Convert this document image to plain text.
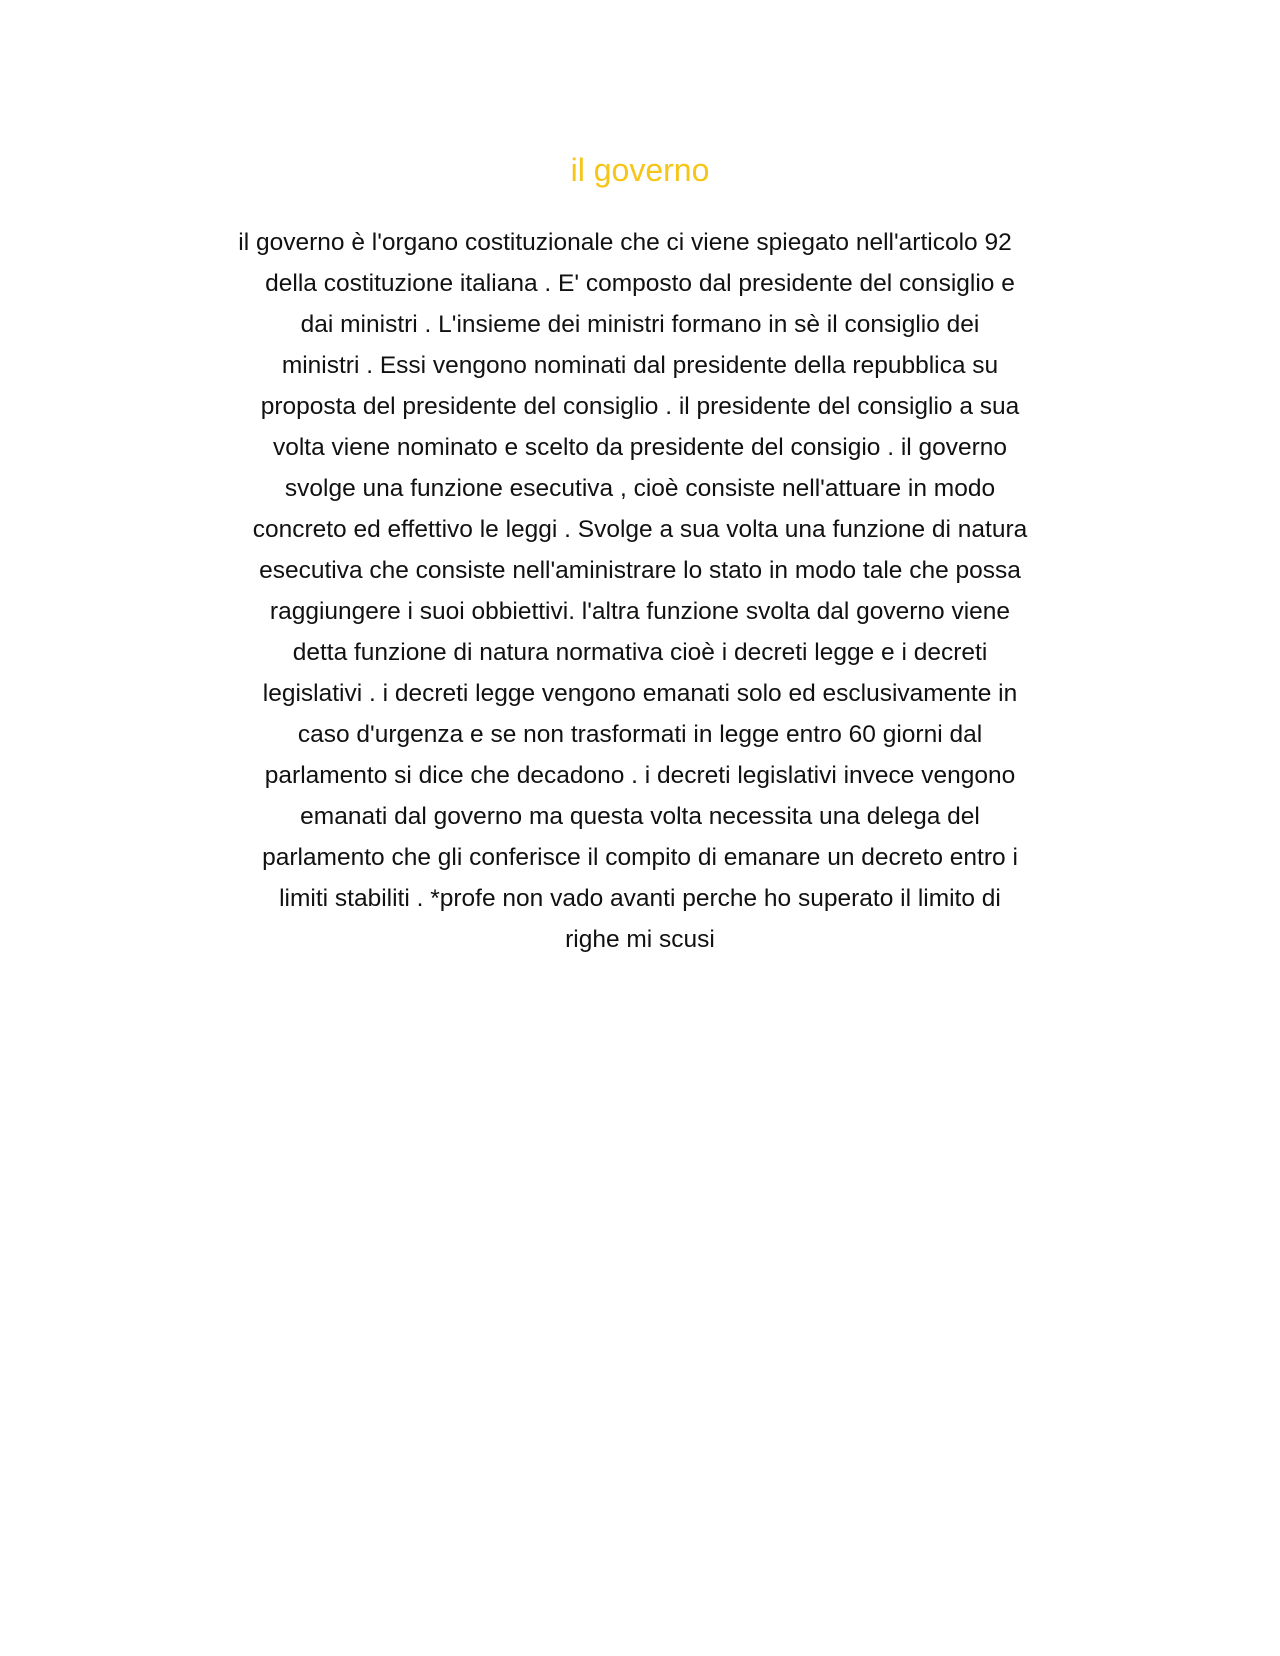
il governo
il governo è l'organo costituzionale che ci viene spiegato nell'articolo 92
della costituzione italiana . E' composto dal presidente del consiglio e
dai ministri . L'insieme dei ministri formano in sè il consiglio dei
ministri . Essi vengono nominati dal presidente della repubblica su
proposta del presidente del consiglio . il presidente del consiglio a sua
volta viene nominato e scelto da presidente del consigio . il governo
svolge una funzione esecutiva , cioè consiste nell'attuare in modo
concreto ed effettivo le leggi . Svolge a sua volta una funzione di natura
esecutiva che consiste nell'aministrare lo stato in modo tale che possa
raggiungere i suoi obbiettivi. l'altra funzione svolta dal governo viene
detta funzione di natura normativa cioè i decreti legge e i decreti
legislativi . i decreti legge vengono emanati solo ed esclusivamente in
caso d'urgenza e se non trasformati in legge entro 60 giorni dal
parlamento si dice che decadono . i decreti legislativi invece vengono
emanati dal governo ma questa volta necessita una delega del
parlamento che gli conferisce il compito di emanare un decreto entro i
limiti stabiliti . *profe non vado avanti perche ho superato il limito di
righe mi scusi
